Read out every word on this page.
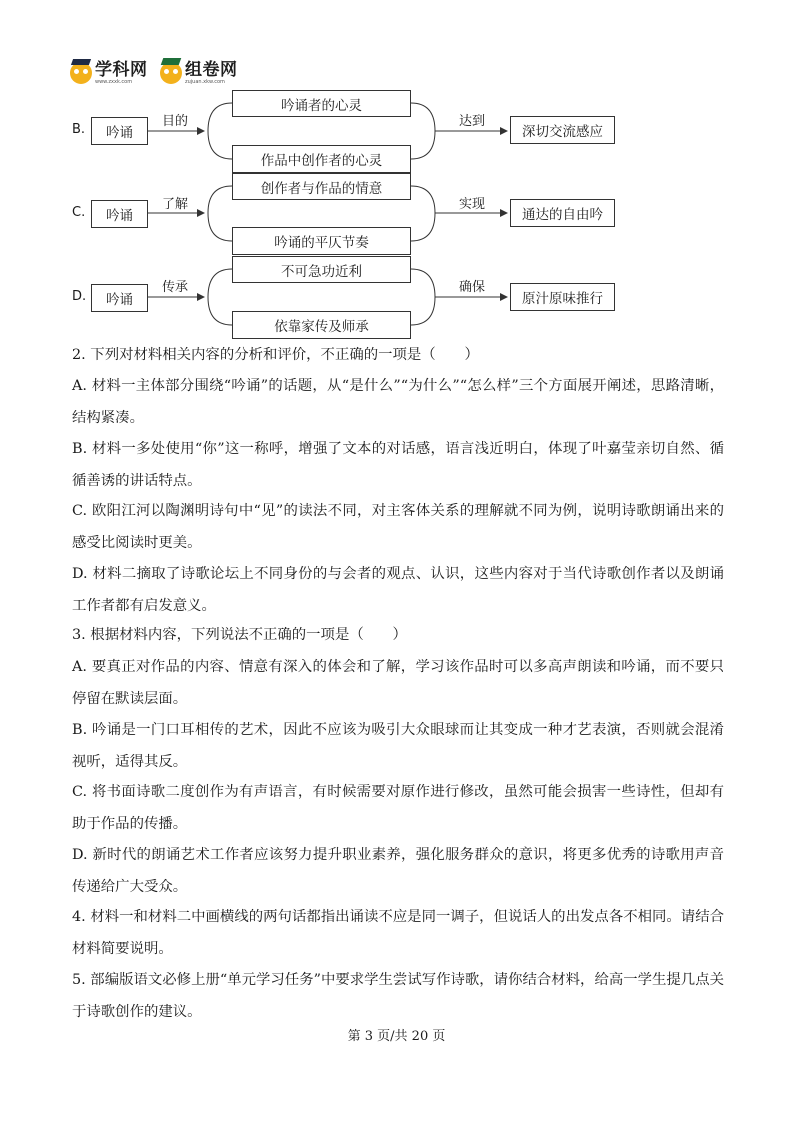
学科网
www.zxxk.com
组卷网
zujuan.xkw.com
B.	吟诵
目的
吟诵者的心灵
作品中创作者的心灵
达到
深切交流感应
C.	吟诵
了解
创作者与作品的情意
吟诵的平仄节奏
实现
通达的自由吟
D.	吟诵
传承
不可急功近利
依靠家传及师承
确保
原汁原味推行

2. 下列对材料相关内容的分析和评价，不正确的一项是（　　）

A. 材料一主体部分围绕“吟诵”的话题，从“是什么”“为什么”“怎么样”三个方面展开阐述，思路清晰，结构紧凑。

B. 材料一多处使用“你”这一称呼，增强了文本的对话感，语言浅近明白，体现了叶嘉莹亲切自然、循循善诱的讲话特点。

C. 欧阳江河以陶渊明诗句中“见”的读法不同，对主客体关系的理解就不同为例，说明诗歌朗诵出来的感受比阅读时更美。

D. 材料二摘取了诗歌论坛上不同身份的与会者的观点、认识，这些内容对于当代诗歌创作者以及朗诵工作者都有启发意义。

3. 根据材料内容，下列说法不正确的一项是（　　）

A. 要真正对作品的内容、情意有深入的体会和了解，学习该作品时可以多高声朗读和吟诵，而不要只停留在默读层面。

B. 吟诵是一门口耳相传的艺术，因此不应该为吸引大众眼球而让其变成一种才艺表演，否则就会混淆视听，适得其反。

C. 将书面诗歌二度创作为有声语言，有时候需要对原作进行修改，虽然可能会损害一些诗性，但却有助于作品的传播。

D. 新时代的朗诵艺术工作者应该努力提升职业素养，强化服务群众的意识，将更多优秀的诗歌用声音传递给广大受众。

4. 材料一和材料二中画横线的两句话都指出诵读不应是同一调子，但说话人的出发点各不相同。请结合材料简要说明。

5. 部编版语文必修上册“单元学习任务”中要求学生尝试写作诗歌，请你结合材料，给高一学生提几点关于诗歌创作的建议。

第 3 页/共 20 页
